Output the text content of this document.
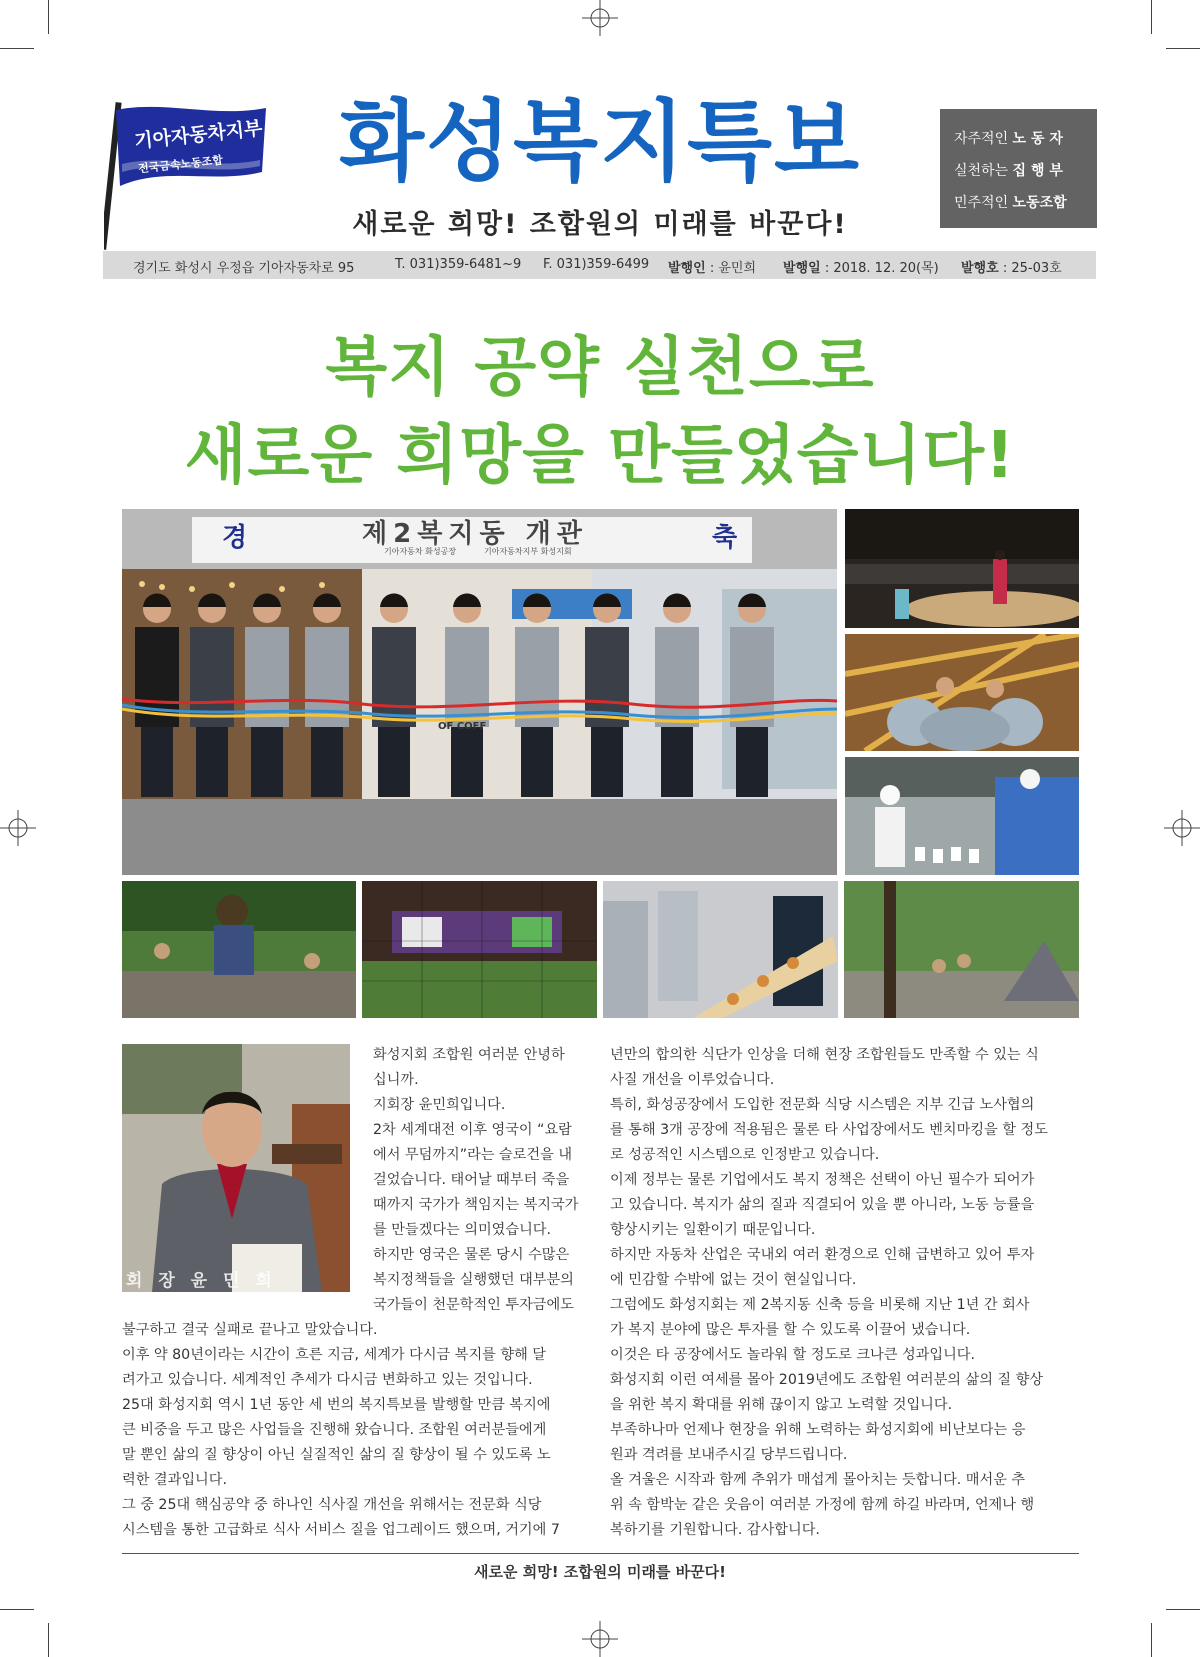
기아자동차지부
전국금속노동조합 화성복지특보
새로운 희망! 조합원의 미래를 바꾼다!
자주적인 노 동 자
실천하는 집 행 부
민주적인 노동조합
경기도 화성시 우정읍 기아자동차로 95	T. 031)359-6481~9 F. 031)359-6499 발행인 : 윤민희 발행일 : 2018. 12. 20(목) 발행호 : 25-03호
복지 공약 실천으로
새로운 희망을 만들었습니다!
경	제2복지동 개관	축
기아자동차 화성공장	기아자동차지부 화성지회
OF COFF
회 장 윤 민 희
화성지회 조합원 여러분 안녕하
십니까.
지회장 윤민희입니다.
2차 세계대전 이후 영국이 “요람
에서 무덤까지”라는 슬로건을 내
걸었습니다. 태어날 때부터 죽을
때까지 국가가 책임지는 복지국가
를 만들겠다는 의미였습니다.
하지만 영국은 물론 당시 수많은
복지정책들을 실행했던 대부분의
국가들이 천문학적인 투자금에도
불구하고 결국 실패로 끝나고 말았습니다.
이후 약 80년이라는 시간이 흐른 지금, 세계가 다시금 복지를 향해 달
려가고 있습니다. 세계적인 추세가 다시금 변화하고 있는 것입니다.
25대 화성지회 역시 1년 동안 세 번의 복지특보를 발행할 만큼 복지에
큰 비중을 두고 많은 사업들을 진행해 왔습니다. 조합원 여러분들에게
말 뿐인 삶의 질 향상이 아닌 실질적인 삶의 질 향상이 될 수 있도록 노
력한 결과입니다.
그 중 25대 핵심공약 중 하나인 식사질 개선을 위해서는 전문화 식당
시스템을 통한 고급화로 식사 서비스 질을 업그레이드 했으며, 거기에 7
년만의 합의한 식단가 인상을 더해 현장 조합원들도 만족할 수 있는 식
사질 개선을 이루었습니다.
특히, 화성공장에서 도입한 전문화 식당 시스템은 지부 긴급 노사협의
를 통해 3개 공장에 적용됨은 물론 타 사업장에서도 벤치마킹을 할 정도
로 성공적인 시스템으로 인정받고 있습니다.
이제 정부는 물론 기업에서도 복지 정책은 선택이 아닌 필수가 되어가
고 있습니다. 복지가 삶의 질과 직결되어 있을 뿐 아니라, 노동 능률을
향상시키는 일환이기 때문입니다.
하지만 자동차 산업은 국내외 여러 환경으로 인해 급변하고 있어 투자
에 민감할 수밖에 없는 것이 현실입니다.
그럼에도 화성지회는 제 2복지동 신축 등을 비롯해 지난 1년 간 회사
가 복지 분야에 많은 투자를 할 수 있도록 이끌어 냈습니다.
이것은 타 공장에서도 놀라워 할 정도로 크나큰 성과입니다.
화성지회 이런 여세를 몰아 2019년에도 조합원 여러분의 삶의 질 향상
을 위한 복지 확대를 위해 끊이지 않고 노력할 것입니다.
부족하나마 언제나 현장을 위해 노력하는 화성지회에 비난보다는 응
원과 격려를 보내주시길 당부드립니다.
올 겨울은 시작과 함께 추위가 매섭게 몰아치는 듯합니다. 매서운 추
위 속 함박눈 같은 웃음이 여러분 가정에 함께 하길 바라며, 언제나 행
복하기를 기원합니다. 감사합니다.
새로운 희망! 조합원의 미래를 바꾼다!
